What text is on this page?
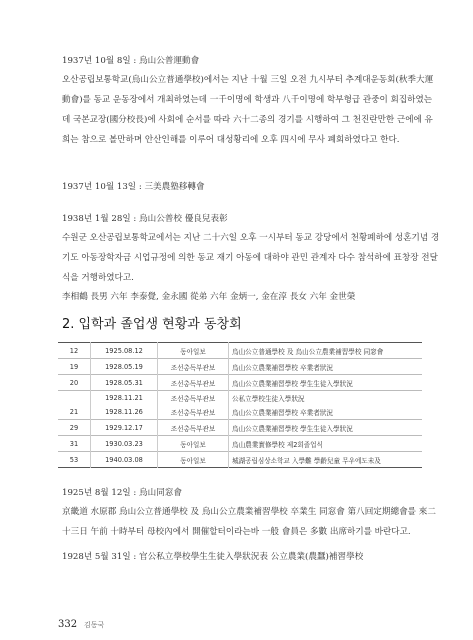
1937년 10월 8일 : 烏山公普運動會

오산공립보통학교(烏山公立普通學校)에서는 지난 十월 三일 오전 九시부터 추계대운동회(秋季大運動會)를 동교 운동장에서 개최하였는데 一千이명에 학생과 八千이명에 학부형급 관중이 회집하였는데 국본교장(國分校長)에 사회에 순서를 따라 六十二종의 경기를 시행하여 그 천진란만한 근에에 유희는 참으로 볼만하며 안산인해를 이루어 대성황리에 오후 四시에 무사 폐회하였다고 한다.

1937년 10월 13일 : 三美農塾移轉會
1938년 1월 28일 : 烏山公普校 優良兒表彰

수원군 오산공립보통학교에서는 지난 二十六일 오후 一시부터 동교 강당에서 천황폐하에 성혼기념 경기도 아동장학자금 시업규정에 의한 동교 재기 아동에 대하야 관민 관계자 다수 참석하에 표창장 전달식을 거행하였다고.

李相鶴 長男 六年 李泰覺, 金永國 從弟 六年 金炳一, 金在淳 長女 六年 金世榮
2. 입학과 졸업생 현황과 동창회
12	1925.08.12	동아일보	烏山公立普通學校 及 烏山公立農業補習學校 同窓會
19	1928.05.19	조선총독부관보	烏山公立農業補習學校 卒業者狀況
20	1928.05.31	조선총독부관보	烏山公立農業補習學校 學生生徒入學狀況
	1928.11.21	조선총독부관보	公私立學校生徒入學狀況
21	1928.11.26	조선총독부관보	烏山公立農業補習學校 卒業者狀況
29	1929.12.17	조선총독부관보	烏山公立農業補習學校 學生生徒入學狀況
31	1930.03.23	동아일보	烏山農業實修學校 제2회졸업식
53	1940.03.08	동아일보	城湖공립심상소학교 入學難 學齡兒童 무우에도未及
1925년 8월 12일 : 烏山同窓會

京畿道 水原郡 烏山公立普通學校 及 烏山公立農業補習學校 卒業生 同窓會 第八回定期總會를 來二十三日 午前 十時부터 母校內에서 開催할터이라는바 一般 會員은 多數 出席하기를 바란다고.

1928년 5월 31일 : 官公私立學校學生生徒入學狀況表 公立農業(農蠶)補習學校
332 김동국
